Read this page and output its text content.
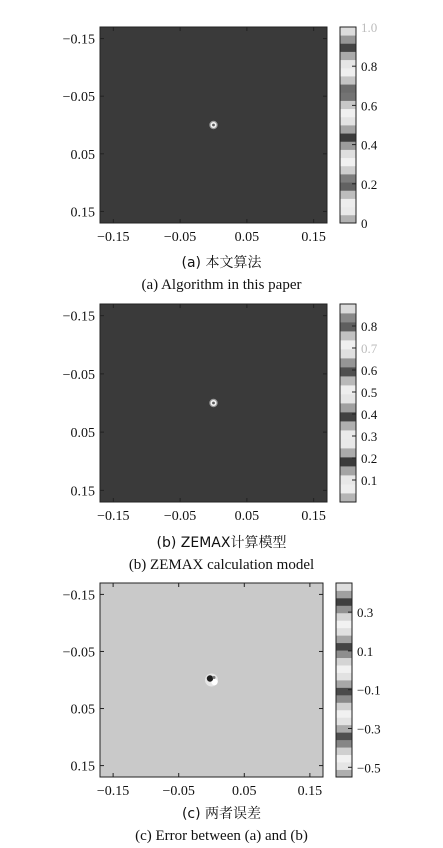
−0.15 −0.05	0.05	0.15
−0.15
−0.05
0.05
0.15
0
0.2
0.4
0.6
0.8
1.0
−0.15 −0.05	0.05	0.15
−0.15
−0.05
0.05
0.15
0.1
0.2
0.3
0.4
0.5
0.6
0.7
0.8
−0.15 −0.05	0.05	0.15
−0.15
−0.05
0.05
0.15	−0.5
−0.3
−0.1
0.1
0.3
(a) 本文算法
(a) Algorithm in this paper
(b) ZEMAX计算模型
(b) ZEMAX calculation model
(c) 两者误差
(c) Error between (a) and (b)
